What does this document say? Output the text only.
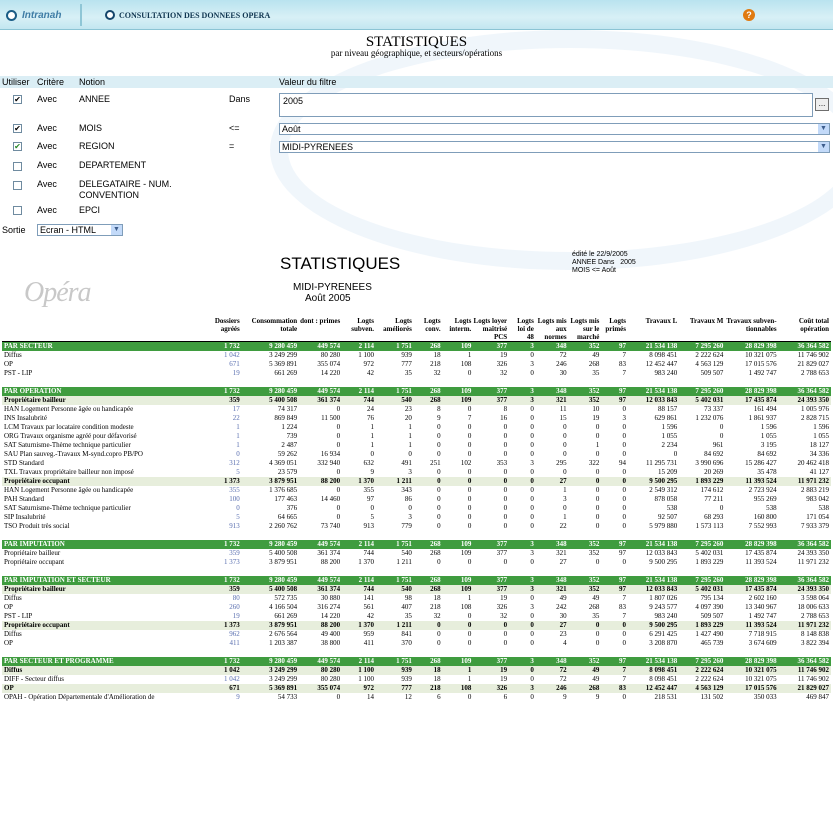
Intranah	CONSULTATION DES DONNEES OPERA	?
STATISTIQUES
par niveau géographique, et secteurs/opérations
Utiliser Critère Notion	Valeur du filtre
✔ Avec ANNEE	Dans	2005	...
✔ Avec MOIS	<=	Août	▼
✔ Avec REGION	=	MIDI-PYRENEES	▼
Avec DEPARTEMENT
Avec DELEGATAIRE - NUM. CONVENTION
Avec EPCI
Sortie	Ecran - HTML ▼
Opéra
STATISTIQUES
MIDI-PYRENEES
Août 2005
édité le 22/9/2005
ANNEE Dans   2005
MOIS <= Août
	Dossiers agréés	Consommation totale	dont : primes	Logts subven.	Logts améliorés	Logts conv.	Logts interm.	Logts loyer maîtrisé PCS	Logts loi de 48	Logts mis aux normes	Logts mis sur le marché	Logts primés	Travaux L	Travaux M	Travaux subven-tionnables	Coût total opération
PAR SECTEUR	1 732	9 280 459	449 574	2 114	1 751	268	109	377	3	348	352	97	21 534 138	7 295 260	28 829 398	36 364 582
Diffus	1 042	3 249 299	80 280	1 100	939	18	1	19	0	72	49	7	8 098 451	2 222 624	10 321 075	11 746 902
OP	671	5 369 891	355 074	972	777	218	108	326	3	246	268	83	12 452 447	4 563 129	17 015 576	21 829 027
PST - LIP	19	661 269	14 220	42	35	32	0	32	0	30	35	7	983 240	509 507	1 492 747	2 788 653

PAR OPERATION	1 732	9 280 459	449 574	2 114	1 751	268	109	377	3	348	352	97	21 534 138	7 295 260	28 829 398	36 364 582
Propriétaire bailleur	359	5 400 508	361 374	744	540	268	109	377	3	321	352	97	12 033 843	5 402 031	17 435 874	24 393 350
HAN Logement Personne âgée ou handicapée	17	74 317	0	24	23	8	0	8	0	11	10	0	88 157	73 337	161 494	1 005 976
INS Insalubrité	22	869 849	11 500	76	20	9	7	16	0	15	19	3	629 861	1 232 076	1 861 937	2 828 715
LCM Travaux par locataire condition modeste	1	1 224	0	1	1	0	0	0	0	0	0	0	1 596	0	1 596	1 596
ORG Travaux organisme agréé pour défavorisé	1	739	0	1	1	0	0	0	0	0	0	0	1 055	0	1 055	1 055
SAT Saturnisme-Thème technique particulier	1	2 487	0	1	1	0	0	0	0	0	1	0	2 234	961	3 195	18 127
SAU Plan sauveg.-Travaux M-synd.copro PB/PO	0	59 262	16 934	0	0	0	0	0	0	0	0	0	0	84 692	84 692	34 336
STD Standard	312	4 369 051	332 940	632	491	251	102	353	3	295	322	94	11 295 731	3 990 696	15 286 427	20 462 418
TXL Travaux propriétaire bailleur non imposé	5	23 579	0	9	3	0	0	0	0	0	0	0	15 209	20 269	35 478	41 127
Propriétaire occupant	1 373	3 879 951	88 200	1 370	1 211	0	0	0	0	27	0	0	9 500 295	1 893 229	11 393 524	11 971 232
HAN Logement Personne âgée ou handicapée	355	1 376 685	0	355	343	0	0	0	0	1	0	0	2 549 312	174 612	2 723 924	2 883 219
PAH Standard	100	177 463	14 460	97	86	0	0	0	0	3	0	0	878 058	77 211	955 269	983 042
SAT Saturnisme-Thème technique particulier	0	376	0	0	0	0	0	0	0	0	0	0	538	0	538	538
SIP Insalubrité	5	64 665	0	5	3	0	0	0	0	1	0	0	92 507	68 293	160 800	171 054
TSO Produit très social	913	2 260 762	73 740	913	779	0	0	0	0	22	0	0	5 979 880	1 573 113	7 552 993	7 933 379

PAR IMPUTATION	1 732	9 280 459	449 574	2 114	1 751	268	109	377	3	348	352	97	21 534 138	7 295 260	28 829 398	36 364 582
Propriétaire bailleur	359	5 400 508	361 374	744	540	268	109	377	3	321	352	97	12 033 843	5 402 031	17 435 874	24 393 350
Propriétaire occupant	1 373	3 879 951	88 200	1 370	1 211	0	0	0	0	27	0	0	9 500 295	1 893 229	11 393 524	11 971 232

PAR IMPUTATION ET SECTEUR	1 732	9 280 459	449 574	2 114	1 751	268	109	377	3	348	352	97	21 534 138	7 295 260	28 829 398	36 364 582
Propriétaire bailleur	359	5 400 508	361 374	744	540	268	109	377	3	321	352	97	12 033 843	5 402 031	17 435 874	24 393 350
Diffus	80	572 735	30 880	141	98	18	1	19	0	49	49	7	1 807 026	795 134	2 602 160	3 598 064
OP	260	4 166 504	316 274	561	407	218	108	326	3	242	268	83	9 243 577	4 097 390	13 340 967	18 006 633
PST - LIP	19	661 269	14 220	42	35	32	0	32	0	30	35	7	983 240	509 507	1 492 747	2 788 653
Propriétaire occupant	1 373	3 879 951	88 200	1 370	1 211	0	0	0	0	27	0	0	9 500 295	1 893 229	11 393 524	11 971 232
Diffus	962	2 676 564	49 400	959	841	0	0	0	0	23	0	0	6 291 425	1 427 490	7 718 915	8 148 838
OP	411	1 203 387	38 800	411	370	0	0	0	0	4	0	0	3 208 870	465 739	3 674 609	3 822 394

PAR SECTEUR ET PROGRAMME	1 732	9 280 459	449 574	2 114	1 751	268	109	377	3	348	352	97	21 534 138	7 295 260	28 829 398	36 364 582
Diffus	1 042	3 249 299	80 280	1 100	939	18	1	19	0	72	49	7	8 098 451	2 222 624	10 321 075	11 746 902
DIFF - Secteur diffus	1 042	3 249 299	80 280	1 100	939	18	1	19	0	72	49	7	8 098 451	2 222 624	10 321 075	11 746 902
OP	671	5 369 891	355 074	972	777	218	108	326	3	246	268	83	12 452 447	4 563 129	17 015 576	21 829 027
OPAH - Opération Départementale d'Amélioration de	9	54 733	0	14	12	6	0	6	0	9	9	0	218 531	131 502	350 033	469 847
